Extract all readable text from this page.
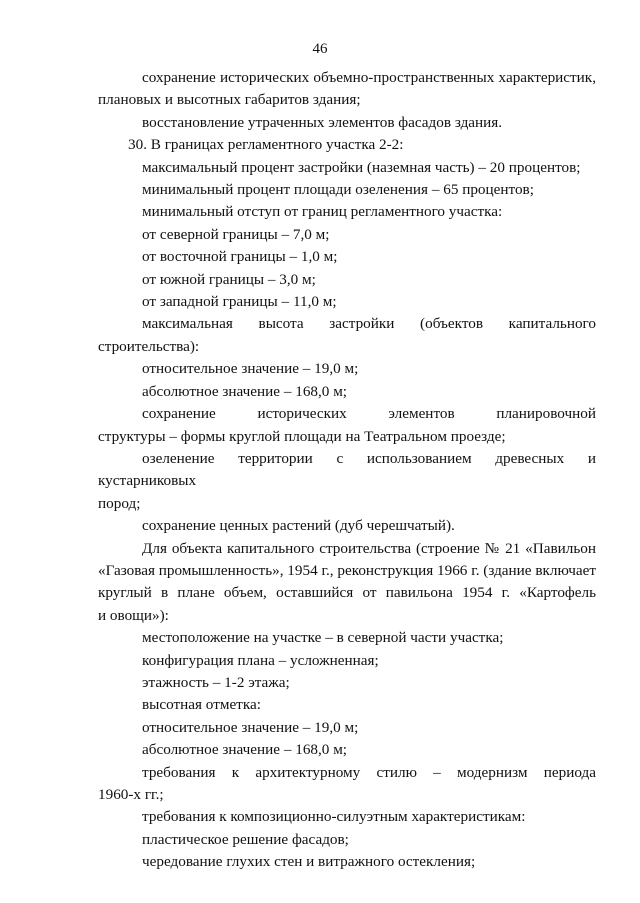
46
сохранение исторических объемно-пространственных характеристик,
плановых и высотных габаритов здания;
восстановление утраченных элементов фасадов здания.
30. В границах регламентного участка 2-2:
максимальный процент застройки (наземная часть) – 20 процентов;
минимальный процент площади озеленения – 65 процентов;
минимальный отступ от границ регламентного участка:
от северной границы – 7,0 м;
от восточной границы – 1,0 м;
от южной границы – 3,0 м;
от западной границы – 11,0 м;
максимальная высота застройки (объектов капитального
строительства):
относительное значение – 19,0 м;
абсолютное значение – 168,0 м;
сохранение исторических элементов планировочной
структуры – формы круглой площади на Театральном проезде;
озеленение территории с использованием древесных и кустарниковых
пород;
сохранение ценных растений (дуб черешчатый).
Для объекта капитального строительства (строение № 21 «Павильон
«Газовая промышленность», 1954 г., реконструкция 1966 г. (здание включает
круглый в плане объем, оставшийся от павильона 1954 г. «Картофель
и овощи»):
местоположение на участке – в северной части участка;
конфигурация плана – усложненная;
этажность – 1-2 этажа;
высотная отметка:
относительное значение – 19,0 м;
абсолютное значение – 168,0 м;
требования к архитектурному стилю – модернизм периода
1960-х гг.;
требования к композиционно-силуэтным характеристикам:
пластическое решение фасадов;
чередование глухих стен и витражного остекления;
